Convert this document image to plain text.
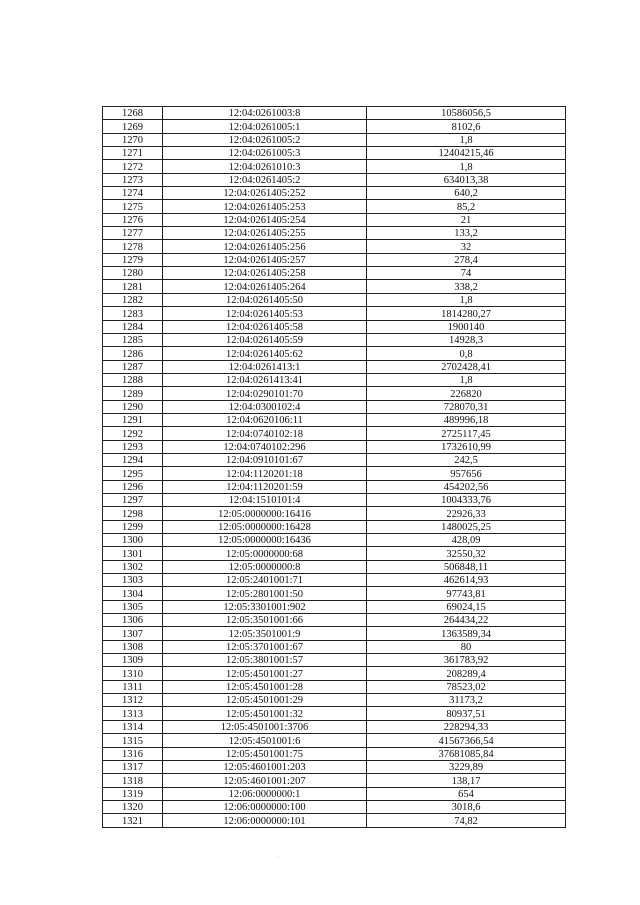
1268	12:04:0261003:8	10586056,5
1269	12:04:0261005:1	8102,6
1270	12:04:0261005:2	1,8
1271	12:04:0261005:3	12404215,46
1272	12:04:0261010:3	1,8
1273	12:04:0261405:2	634013,38
1274	12:04:0261405:252	640,2
1275	12:04:0261405:253	85,2
1276	12:04:0261405:254	21
1277	12:04:0261405:255	133,2
1278	12:04:0261405:256	32
1279	12:04:0261405:257	278,4
1280	12:04:0261405:258	74
1281	12:04:0261405:264	338,2
1282	12:04:0261405:50	1,8
1283	12:04:0261405:53	1814280,27
1284	12:04:0261405:58	1900140
1285	12:04:0261405:59	14928,3
1286	12:04:0261405:62	0,8
1287	12:04:0261413:1	2702428,41
1288	12:04:0261413:41	1,8
1289	12:04:0290101:70	226820
1290	12:04:0300102:4	728070,31
1291	12:04:0620106:11	489996,18
1292	12:04:0740102:18	2725117,45
1293	12:04:0740102:296	1732610,99
1294	12:04:0910101:67	242,5
1295	12:04:1120201:18	957656
1296	12:04:1120201:59	454202,56
1297	12:04:1510101:4	1004333,76
1298	12:05:0000000:16416	22926,33
1299	12:05:0000000:16428	1480025,25
1300	12:05:0000000:16436	428,09
1301	12:05:0000000:68	32550,32
1302	12:05:0000000:8	506848,11
1303	12:05:2401001:71	462614,93
1304	12:05:2801001:50	97743,81
1305	12:05:3301001:902	69024,15
1306	12:05:3501001:66	264434,22
1307	12:05:3501001:9	1363589,34
1308	12:05:3701001:67	80
1309	12:05:3801001:57	361783,92
1310	12:05:4501001:27	208289,4
1311	12:05:4501001:28	78523,02
1312	12:05:4501001:29	31173,2
1313	12:05:4501001:32	80937,51
1314	12:05:4501001:3706	228294,33
1315	12:05:4501001:6	41567366,54
1316	12:05:4501001:75	37681085,84
1317	12:05:4601001:203	3229,89
1318	12:05:4601001:207	138,17
1319	12:06:0000000:1	654
1320	12:06:0000000:100	3018,6
1321	12:06:0000000:101	74,82
.
